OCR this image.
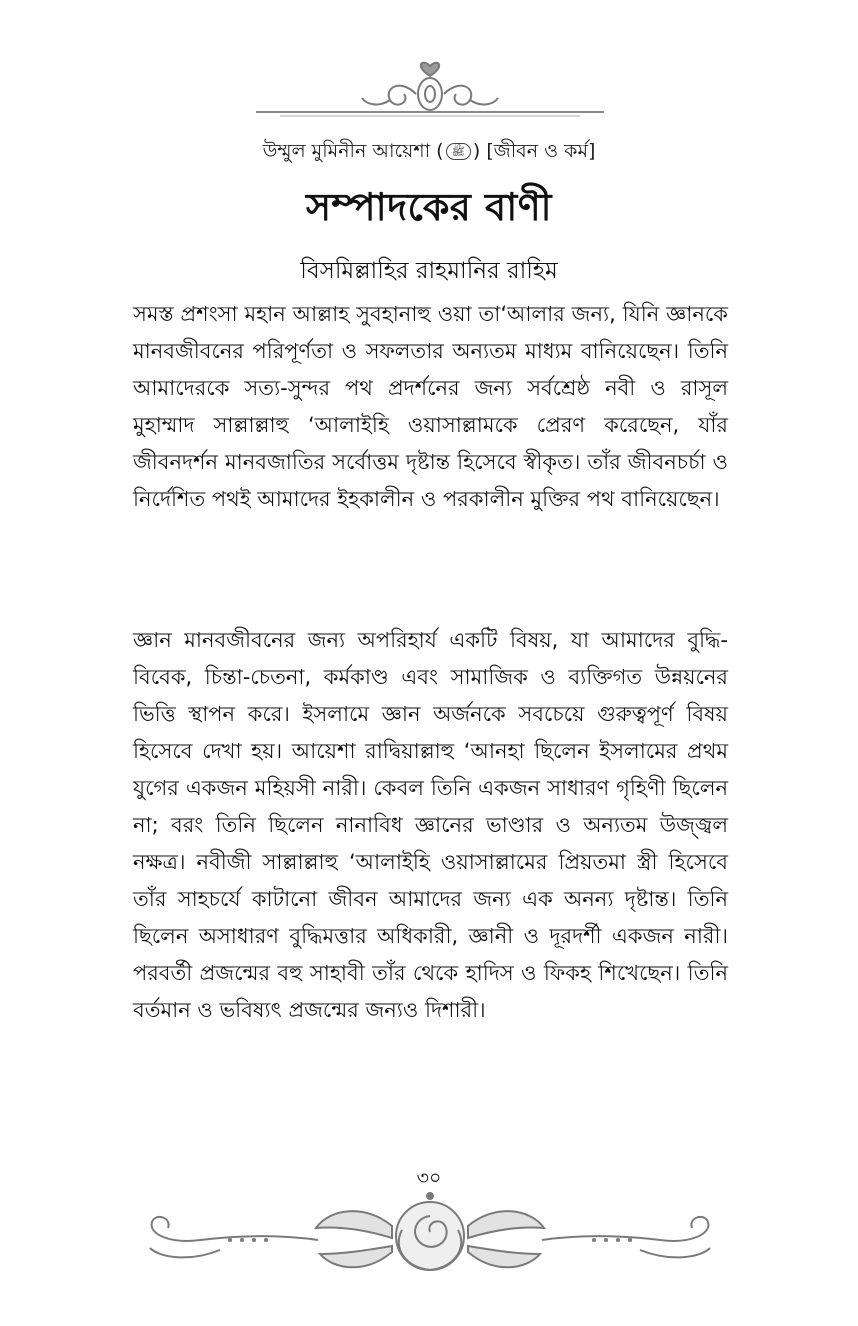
উম্মুল মুমিনীন আয়েশা ( ﷺ ) [জীবন ও কর্ম]
সম্পাদকের বাণী
বিসমিল্লাহির রাহমানির রাহিম

সমস্ত প্রশংসা মহান আল্লাহ সুবহানাহু ওয়া তা‘আলার জন্য, যিনি জ্ঞানকে মানবজীবনের পরিপূর্ণতা ও সফলতার অন্যতম মাধ্যম বানিয়েছেন। তিনি আমাদেরকে সত্য-সুন্দর পথ প্রদর্শনের জন্য সর্বশ্রেষ্ঠ নবী ও রাসূল মুহাম্মাদ সাল্লাল্লাহু ‘আলাইহি ওয়াসাল্লামকে প্রেরণ করেছেন, যাঁর জীবনদর্শন মানবজাতির সর্বোত্তম দৃষ্টান্ত হিসেবে স্বীকৃত। তাঁর জীবনচর্চা ও নির্দেশিত পথই আমাদের ইহকালীন ও পরকালীন মুক্তির পথ বানিয়েছেন।

জ্ঞান মানবজীবনের জন্য অপরিহার্য একটি বিষয়, যা আমাদের বুদ্ধি-বিবেক, চিন্তা-চেতনা, কর্মকাণ্ড এবং সামাজিক ও ব্যক্তিগত উন্নয়নের ভিত্তি স্থাপন করে। ইসলামে জ্ঞান অর্জনকে সবচেয়ে গুরুত্বপূর্ণ বিষয় হিসেবে দেখা হয়। আয়েশা রাদ্বিয়াল্লাহু ‘আনহা ছিলেন ইসলামের প্রথম যুগের একজন মহিয়সী নারী। কেবল তিনি একজন সাধারণ গৃহিণী ছিলেন না; বরং তিনি ছিলেন নানাবিধ জ্ঞানের ভাণ্ডার ও অন্যতম উজ্জ্বল নক্ষত্র। নবীজী সাল্লাল্লাহু ‘আলাইহি ওয়াসাল্লামের প্রিয়তমা স্ত্রী হিসেবে তাঁর সাহচর্যে কাটানো জীবন আমাদের জন্য এক অনন্য দৃষ্টান্ত। তিনি ছিলেন অসাধারণ বুদ্ধিমত্তার অধিকারী, জ্ঞানী ও দূরদর্শী একজন নারী। পরবর্তী প্রজন্মের বহু সাহাবী তাঁর থেকে হাদিস ও ফিকহ শিখেছেন। তিনি বর্তমান ও ভবিষ্যৎ প্রজন্মের জন্যও দিশারী।

৩০
